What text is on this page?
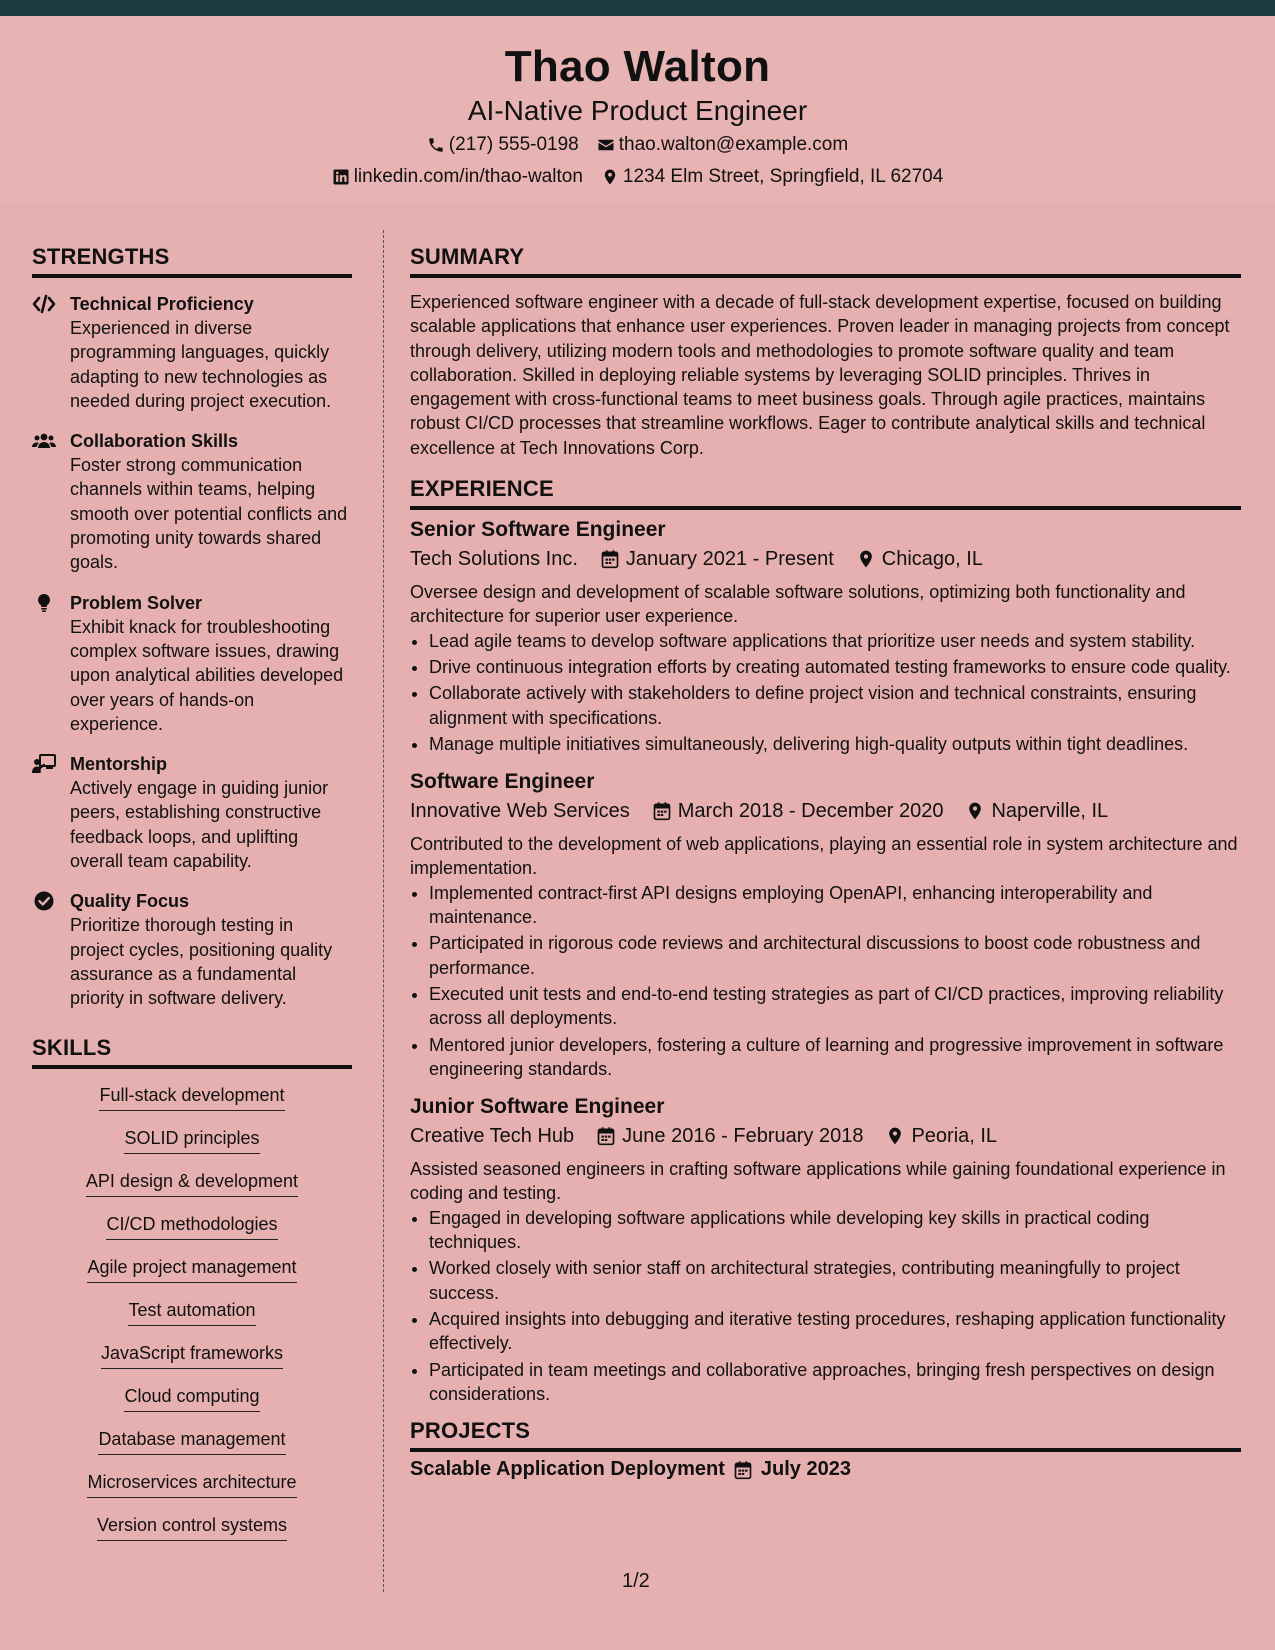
Thao Walton
AI-Native Product Engineer
(217) 555-0198 thao.walton@example.com
linkedin.com/in/thao-walton 1234 Elm Street, Springfield, IL 62704
STRENGTHS
Technical Proficiency
Experienced in diverse programming languages, quickly adapting to new technologies as needed during project execution.
Collaboration Skills
Foster strong communication channels within teams, helping smooth over potential conflicts and promoting unity towards shared goals.
Problem Solver
Exhibit knack for troubleshooting complex software issues, drawing upon analytical abilities developed over years of hands-on experience.
Mentorship
Actively engage in guiding junior peers, establishing constructive feedback loops, and uplifting overall team capability.
Quality Focus
Prioritize thorough testing in project cycles, positioning quality assurance as a fundamental priority in software delivery.
SKILLS
Full-stack development
SOLID principles
API design & development
CI/CD methodologies
Agile project management
Test automation
JavaScript frameworks
Cloud computing
Database management
Microservices architecture
Version control systems
SUMMARY
Experienced software engineer with a decade of full-stack development expertise, focused on building scalable applications that enhance user experiences. Proven leader in managing projects from concept through delivery, utilizing modern tools and methodologies to promote software quality and team collaboration. Skilled in deploying reliable systems by leveraging SOLID principles. Thrives in engagement with cross-functional teams to meet business goals. Through agile practices, maintains robust CI/CD processes that streamline workflows. Eager to contribute analytical skills and technical excellence at Tech Innovations Corp.
EXPERIENCE
Senior Software Engineer
Tech Solutions Inc. January 2021 - Present Chicago, IL
Oversee design and development of scalable software solutions, optimizing both functionality and architecture for superior user experience.
• Lead agile teams to develop software applications that prioritize user needs and system stability.
• Drive continuous integration efforts by creating automated testing frameworks to ensure code quality.
• Collaborate actively with stakeholders to define project vision and technical constraints, ensuring alignment with specifications.
• Manage multiple initiatives simultaneously, delivering high-quality outputs within tight deadlines.
Software Engineer
Innovative Web Services March 2018 - December 2020 Naperville, IL
Contributed to the development of web applications, playing an essential role in system architecture and implementation.
• Implemented contract-first API designs employing OpenAPI, enhancing interoperability and maintenance.
• Participated in rigorous code reviews and architectural discussions to boost code robustness and performance.
• Executed unit tests and end-to-end testing strategies as part of CI/CD practices, improving reliability across all deployments.
• Mentored junior developers, fostering a culture of learning and progressive improvement in software engineering standards.
Junior Software Engineer
Creative Tech Hub June 2016 - February 2018 Peoria, IL
Assisted seasoned engineers in crafting software applications while gaining foundational experience in coding and testing.
• Engaged in developing software applications while developing key skills in practical coding techniques.
• Worked closely with senior staff on architectural strategies, contributing meaningfully to project success.
• Acquired insights into debugging and iterative testing procedures, reshaping application functionality effectively.
• Participated in team meetings and collaborative approaches, bringing fresh perspectives on design considerations.
PROJECTS
Scalable Application Deployment July 2023
1/2
